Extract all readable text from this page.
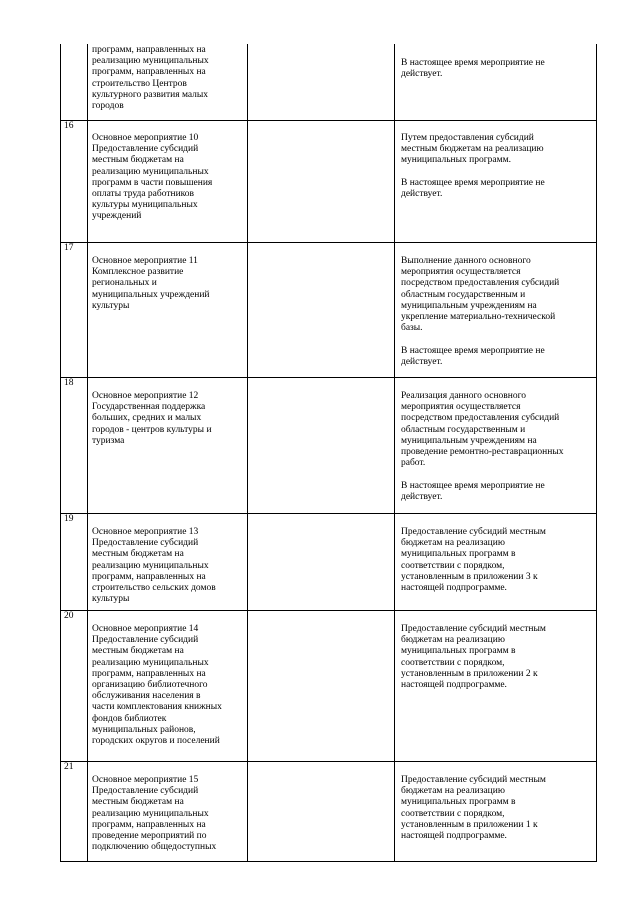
программ, направленных на
реализацию муниципальных
программ, направленных на
строительство Центров
культурного развития малых
городов
В настоящее время мероприятие не
действует.
16
Основное мероприятие 10
Предоставление субсидий
местным бюджетам на
реализацию муниципальных
программ в части повышения
оплаты труда работников
культуры муниципальных
учреждений
Путем предоставления субсидий
местным бюджетам на реализацию
муниципальных программ.

В настоящее время мероприятие не
действует.
17
Основное мероприятие 11
Комплексное развитие
региональных и
муниципальных учреждений
культуры
Выполнение данного основного
мероприятия осуществляется
посредством предоставления субсидий
областным государственным и
муниципальным учреждениям на
укрепление материально-технической
базы.

В настоящее время мероприятие не
действует.
18
Основное мероприятие 12
Государственная поддержка
больших, средних и малых
городов - центров культуры и
туризма
Реализация данного основного
мероприятия осуществляется
посредством предоставления субсидий
областным государственным и
муниципальным учреждениям на
проведение ремонтно-реставрационных
работ.

В настоящее время мероприятие не
действует.
19
Основное мероприятие 13
Предоставление субсидий
местным бюджетам на
реализацию муниципальных
программ, направленных на
строительство сельских домов
культуры
Предоставление субсидий местным
бюджетам на реализацию
муниципальных программ в
соответствии с порядком,
установленным в приложении 3 к
настоящей подпрограмме.
20
Основное мероприятие 14
Предоставление субсидий
местным бюджетам на
реализацию муниципальных
программ, направленных на
организацию библиотечного
обслуживания населения в
части комплектования книжных
фондов библиотек
муниципальных районов,
городских округов и поселений
Предоставление субсидий местным
бюджетам на реализацию
муниципальных программ в
соответствии с порядком,
установленным в приложении 2 к
настоящей подпрограмме.
21
Основное мероприятие 15
Предоставление субсидий
местным бюджетам на
реализацию муниципальных
программ, направленных на
проведение мероприятий по
подключению общедоступных
Предоставление субсидий местным
бюджетам на реализацию
муниципальных программ в
соответствии с порядком,
установленным в приложении 1 к
настоящей подпрограмме.
